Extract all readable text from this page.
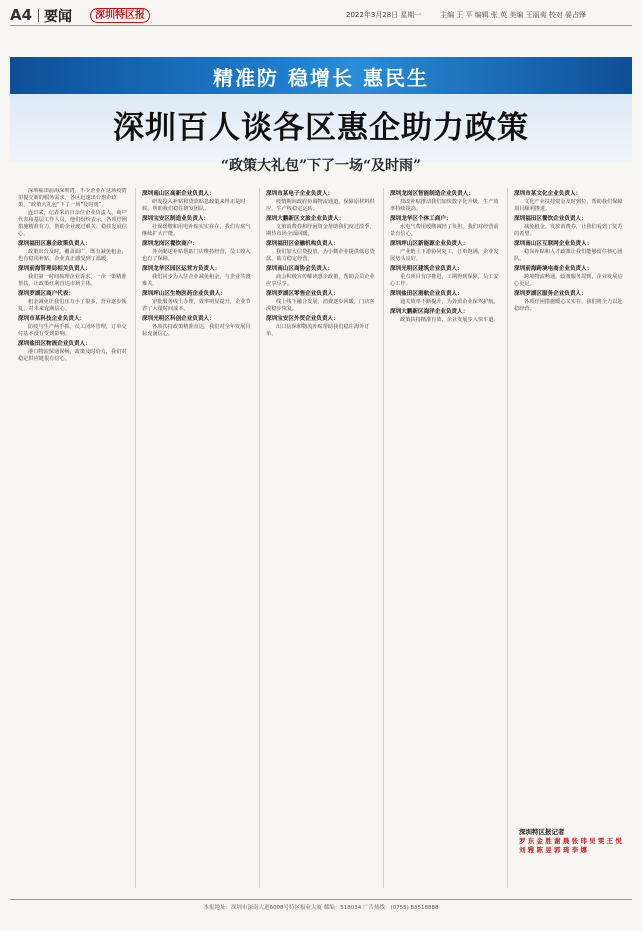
A4 要闻	深圳特区报	2022年3月28日 星期一	主编 王 平 编辑 张 英 美编 王丽夷 校对 晏占锋
精准防 稳增长 惠民生
深圳百人谈各区惠企助力政策
“政策大礼包”下了一场“及时雨”
深圳福田前海深圳湾，不少企业在这场疫情里提交新的服务需求，各区迅速出台惠企政策，“政策大礼包”下了一场“及时雨”。
连日来，记者采访百余位企业负责人、商户代表和基层工作人员，他们纷纷表示，各项纾困措施精准有力，帮助企业渡过难关、稳住发展信心。
深圳福田区惠企政策负责人：
政策出台及时，覆盖面广，既有减免租金，也有稳岗补贴，企业真正感受到了温暖。
深圳前海管理局相关负责人：
我们第一时间梳理企业诉求，一企一策精准帮扶，让政策红利直达市场主体。
深圳罗湖区商户代表：
租金减免让我们压力小了很多，营业逐步恢复，对未来充满信心。
深圳市某科技企业负责人：
防疫与生产两手抓，员工闭环管理，订单交付基本没有受到影响。
深圳盐田区物流企业负责人：
港口物流保通保畅，政策及时给力，我们对稳定供应链很有信心。
深圳南山区高新企业负责人：
研发投入补贴和贷款贴息政策来得正是时候，帮助我们稳住研发团队。
深圳宝安区制造业负责人：
社保缓缴和用电补贴实实在在，我们有底气继续扩大产能。
深圳龙岗区餐饮商户：
外卖配送补贴帮助门店维持经营，员工收入也有了保障。
深圳龙华区园区运营方负责人：
我们同步为入驻企业减免租金，与企业共渡难关。
深圳坪山区生物医药企业负责人：
审批服务线上办理，效率明显提升，企业节省了大量时间成本。
深圳光明区科创企业负责人：
各项扶持政策精准直达，我们对全年发展目标充满信心。
深圳市某电子企业负责人：
疫情期间政府协调物流通道，保障原材料供应，生产线稳定运转。
深圳大鹏新区文旅企业负责人：
文旅消费券和纾困资金帮助我们度过淡季，期待市场全面回暖。
深圳福田区金融机构负责人：
我们加大信贷投放，为小微企业提供低息贷款，助力稳定经营。
深圳南山区商协会负责人：
商会积极宣传解读惠企政策，帮助会员企业应享尽享。
深圳罗湖区零售企业负责人：
线上线下融合发展，消费逐步回暖，门店客流稳步恢复。
深圳宝安区外贸企业负责人：
出口信保和物流补贴帮助我们稳住海外订单。
深圳龙岗区智能制造企业负责人：
技改补贴推动我们加快数字化升级，生产效率持续提高。
深圳龙华区个体工商户：
水电气费用缓缴减轻了负担，我们对经营前景有信心。
深圳坪山区新能源企业负责人：
产业链上下游协同复工，订单饱满，企业发展势头良好。
深圳光明区建筑企业负责人：
重点项目有序推进，工期得到保障，员工安心工作。
深圳盐田区港航企业负责人：
通关效率不断提升，为外贸企业保驾护航。
深圳大鹏新区海洋企业负责人：
政策扶持精准有效，企业发展步入快车道。
深圳市某文化企业负责人：
文化产业扶持资金及时到位，帮助我们保障项目顺利推进。
深圳福田区餐饮企业负责人：
减免租金、发放消费券，让我们看到了复苏的希望。
深圳南山区互联网企业负责人：
稳岗补贴和人才政策让我们能够留住核心团队。
深圳前海跨境电商企业负责人：
跨境物流畅通，政策服务周到，企业发展信心更足。
深圳罗湖区服务企业负责人：
各项纾困措施暖心又实在，我们将全力以赴稳经营。
深圳特区报记者
罗 东 金 胜 谢 晨 张 玮 吴 雯 王 悦 刘 雅 陈 昱 郭 琦 李 娜
本报地址：深圳市深南大道6008号特区报业大厦 邮编：518034 广告热线：(0755) 83518888
